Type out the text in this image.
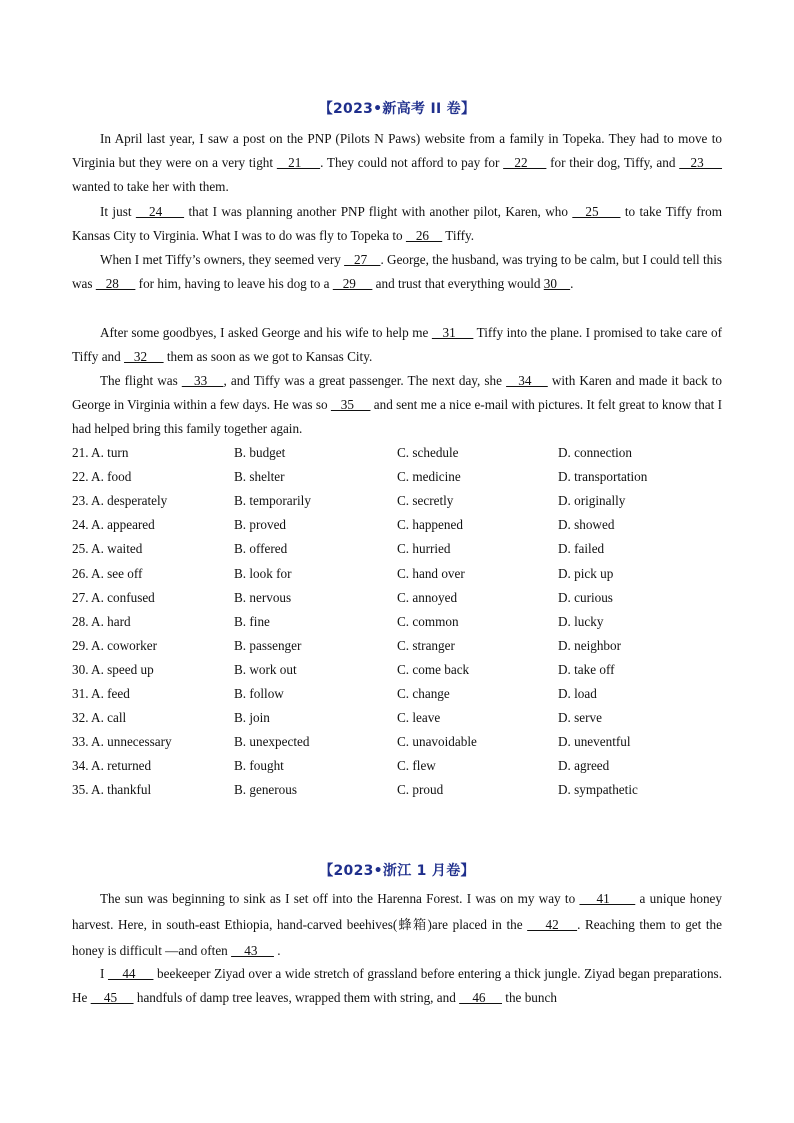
【2023•新高考 II 卷】

In April last year, I saw a post on the PNP (Pilots N Paws) website from a family in Topeka. They had to move to Virginia but they were on a very tight    21     . They could not afford to pay for    22      for their dog, Tiffy, and    23      wanted to take her with them.

It just    24      that I was planning another PNP flight with another pilot, Karen, who    25      to take Tiffy from Kansas City to Virginia. What I was to do was fly to Topeka to    26     Tiffy.

When I met Tiffy’s owners, they seemed very    27    . George, the husband, was trying to be calm, but I could tell this was    28      for him, having to leave his dog to a    29      and trust that everything would 30    .

After some goodbyes, I asked George and his wife to help me    31      Tiffy into the plane. I promised to take care of Tiffy and    32      them as soon as we got to Kansas City.

The flight was    33    , and Tiffy was a great passenger. The next day, she    34     with Karen and made it back to George in Virginia within a few days. He was so    35      and sent me a nice e-mail with pictures. It felt great to know that I had helped bring this family together again.

21. A. turn	B. budget	C. schedule	D. connection
22. A. food	B. shelter	C. medicine	D. transportation
23. A. desperately	B. temporarily	C. secretly	D. originally
24. A. appeared	B. proved	C. happened	D. showed
25. A. waited	B. offered	C. hurried	D. failed
26. A. see off	B. look for	C. hand over	D. pick up
27. A. confused	B. nervous	C. annoyed	D. curious
28. A. hard	B. fine	C. common	D. lucky
29. A. coworker	B. passenger	C. stranger	D. neighbor
30. A. speed up	B. work out	C. come back	D. take off
31. A. feed	B. follow	C. change	D. load
32. A. call	B. join	C. leave	D. serve
33. A. unnecessary	B. unexpected	C. unavoidable	D. uneventful
34. A. returned	B. fought	C. flew	D. agreed
35. A. thankful	B. generous	C. proud	D. sympathetic
【2023•浙江 1 月卷】

The sun was beginning to sink as I set off into the Harenna Forest. I was on my way to     41       a unique honey harvest. Here, in south-east Ethiopia, hand-carved beehives(蜂箱)are placed in the     42    . Reaching them to get the honey is difficult —and often     43      .

I     44      beekeeper Ziyad over a wide stretch of grassland before entering a thick jungle. Ziyad began preparations. He     45      handfuls of damp tree leaves, wrapped them with string, and     46      the bunch
